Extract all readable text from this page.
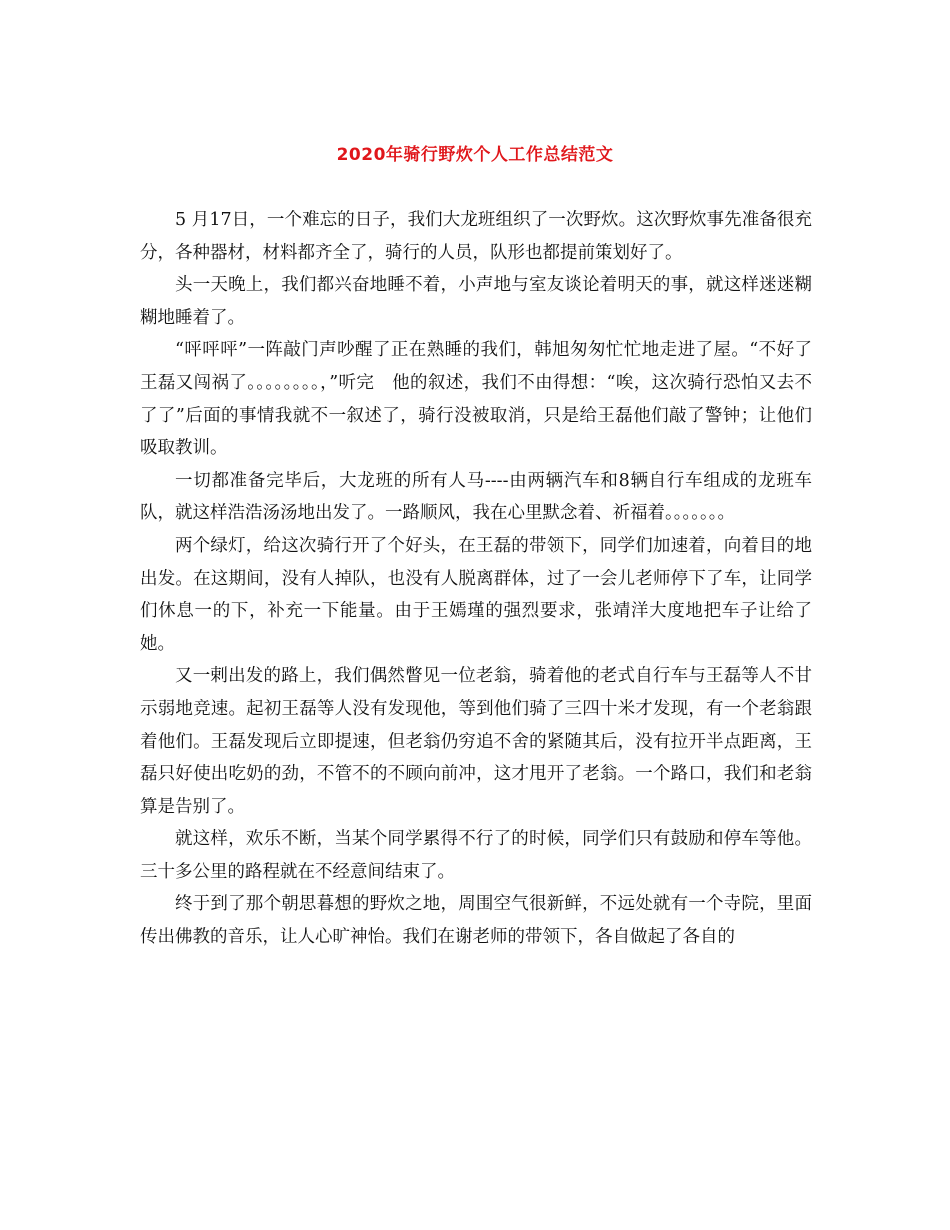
2020年骑行野炊个人工作总结范文

5 月17日，一个难忘的日子，我们大龙班组织了一次野炊。这次野炊事先准备很充分，各种器材，材料都齐全了，骑行的人员，队形也都提前策划好了。

头一天晚上，我们都兴奋地睡不着，小声地与室友谈论着明天的事，就这样迷迷糊糊地睡着了。

“呯呯呯”一阵敲门声吵醒了正在熟睡的我们，韩旭匆匆忙忙地走进了屋。“不好了王磊又闯祸了。。。。。。。。，”听完　他的叙述，我们不由得想：“唉，这次骑行恐怕又去不了了”后面的事情我就不一叙述了，骑行没被取消，只是给王磊他们敲了警钟；让他们吸取教训。

一切都准备完毕后，大龙班的所有人马----由两辆汽车和8辆自行车组成的龙班车队，就这样浩浩汤汤地出发了。一路顺风，我在心里默念着、祈福着。。。。。。。

两个绿灯，给这次骑行开了个好头，在王磊的带领下，同学们加速着，向着目的地出发。在这期间，没有人掉队，也没有人脱离群体，过了一会儿老师停下了车，让同学们休息一的下，补充一下能量。由于王嫣瑾的强烈要求，张靖洋大度地把车子让给了她。

又一剌出发的路上，我们偶然瞥见一位老翁，骑着他的老式自行车与王磊等人不甘示弱地竞速。起初王磊等人没有发现他，等到他们骑了三四十米才发现，有一个老翁跟着他们。王磊发现后立即提速，但老翁仍穷追不舍的紧随其后，没有拉开半点距离，王磊只好使出吃奶的劲，不管不的不顾向前冲，这才甩开了老翁。一个路口，我们和老翁算是告别了。

就这样，欢乐不断，当某个同学累得不行了的时候，同学们只有鼓励和停车等他。三十多公里的路程就在不经意间结束了。

终于到了那个朝思暮想的野炊之地，周围空气很新鲜，不远处就有一个寺院，里面传出佛教的音乐，让人心旷神怡。我们在谢老师的带领下，各自做起了各自的
